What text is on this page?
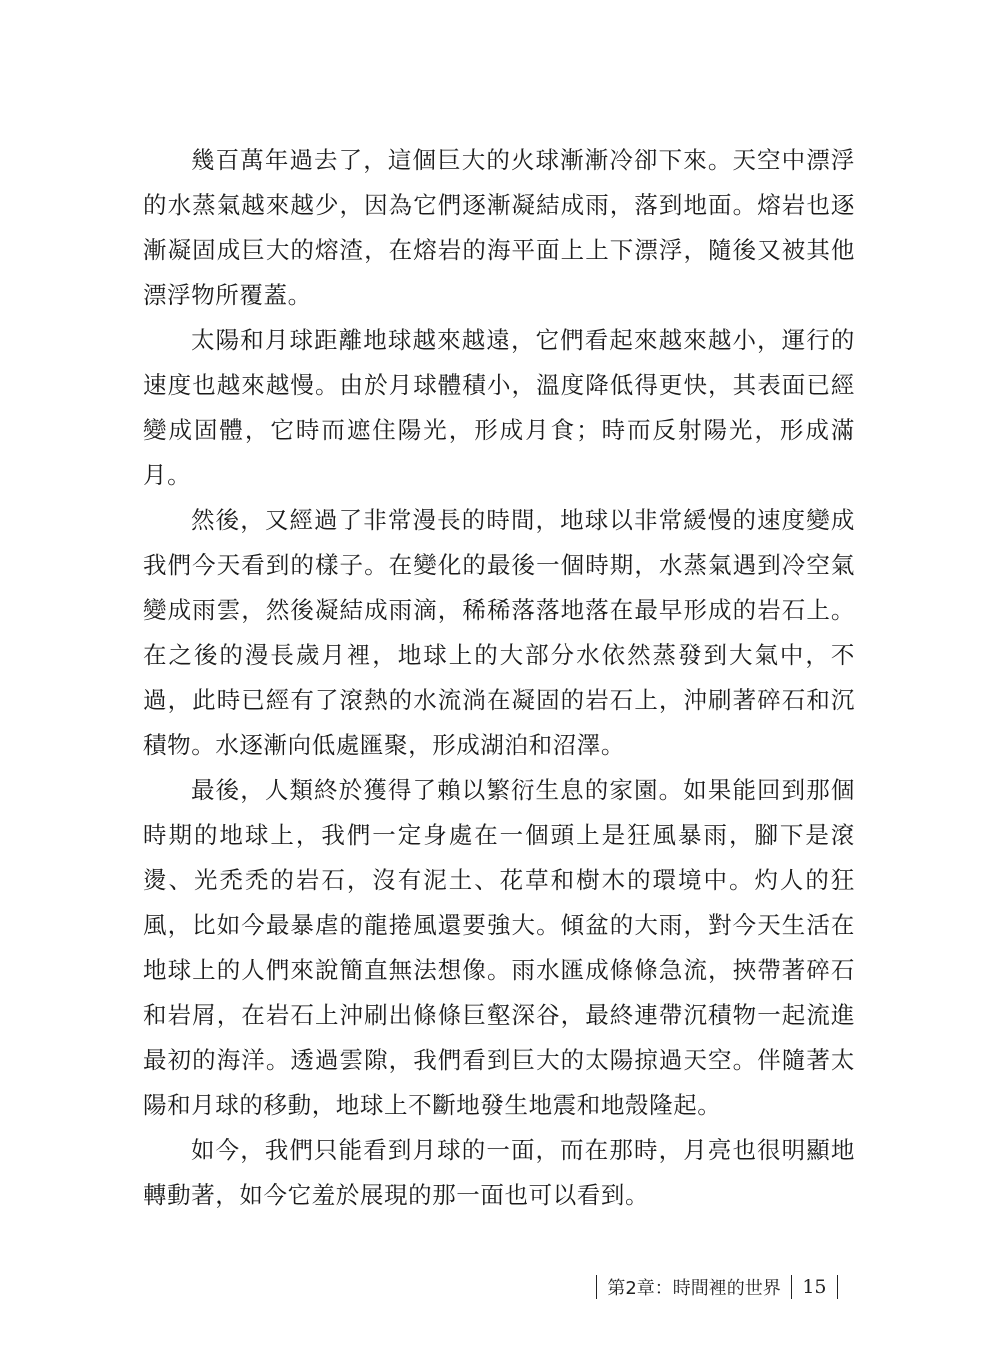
幾百萬年過去了，這個巨大的火球漸漸冷卻下來。天空中漂浮的水蒸氣越來越少，因為它們逐漸凝結成雨，落到地面。熔岩也逐漸凝固成巨大的熔渣，在熔岩的海平面上上下漂浮，隨後又被其他漂浮物所覆蓋。

太陽和月球距離地球越來越遠，它們看起來越來越小，運行的速度也越來越慢。由於月球體積小，溫度降低得更快，其表面已經變成固體，它時而遮住陽光，形成月食；時而反射陽光，形成滿月。

然後，又經過了非常漫長的時間，地球以非常緩慢的速度變成我們今天看到的樣子。在變化的最後一個時期，水蒸氣遇到冷空氣變成雨雲，然後凝結成雨滴，稀稀落落地落在最早形成的岩石上。在之後的漫長歲月裡，地球上的大部分水依然蒸發到大氣中，不過，此時已經有了滾熱的水流淌在凝固的岩石上，沖刷著碎石和沉積物。水逐漸向低處匯聚，形成湖泊和沼澤。

最後，人類終於獲得了賴以繁衍生息的家園。如果能回到那個時期的地球上，我們一定身處在一個頭上是狂風暴雨，腳下是滾燙、光禿禿的岩石，沒有泥土、花草和樹木的環境中。灼人的狂風，比如今最暴虐的龍捲風還要強大。傾盆的大雨，對今天生活在地球上的人們來說簡直無法想像。雨水匯成條條急流，挾帶著碎石和岩屑，在岩石上沖刷出條條巨壑深谷，最終連帶沉積物一起流進最初的海洋。透過雲隙，我們看到巨大的太陽掠過天空。伴隨著太陽和月球的移動，地球上不斷地發生地震和地殼隆起。

如今，我們只能看到月球的一面，而在那時，月亮也很明顯地轉動著，如今它羞於展現的那一面也可以看到。

第2章：時間裡的世界 15
